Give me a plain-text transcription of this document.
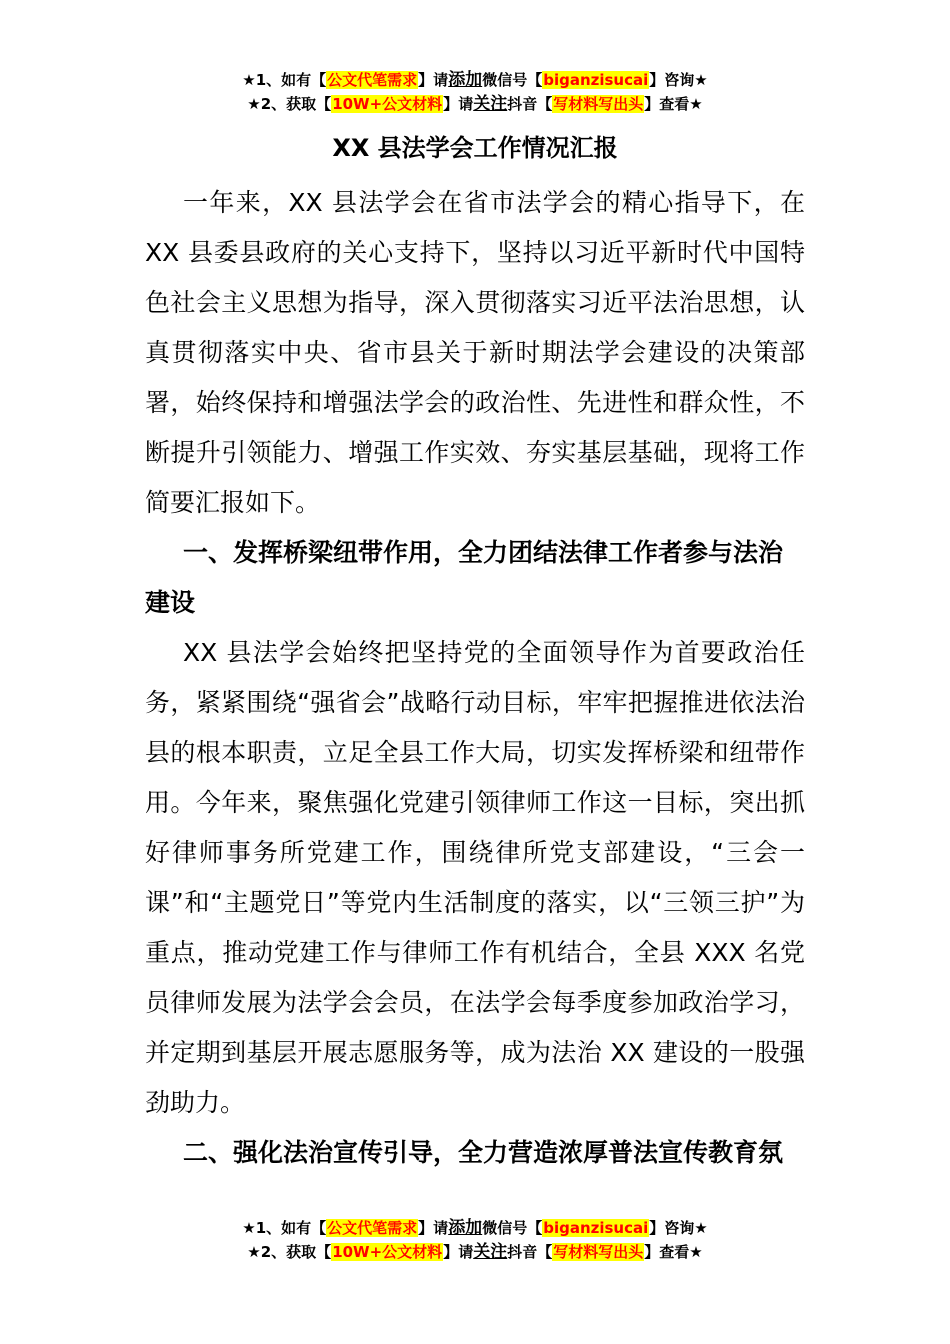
★1、如有【公文代笔需求】请添加微信号【biganzisucai】咨询★
★2、获取【10W+公文材料】请关注抖音【写材料写出头】查看★
XX 县法学会工作情况汇报

一年来，XX 县法学会在省市法学会的精心指导下，在 XX 县委县政府的关心支持下，坚持以习近平新时代中国特色社会主义思想为指导，深入贯彻落实习近平法治思想，认真贯彻落实中央、省市县关于新时期法学会建设的决策部署，始终保持和增强法学会的政治性、先进性和群众性，不断提升引领能力、增强工作实效、夯实基层基础，现将工作简要汇报如下。

一、发挥桥梁纽带作用，全力团结法律工作者参与法治建设

XX 县法学会始终把坚持党的全面领导作为首要政治任务，紧紧围绕“强省会”战略行动目标，牢牢把握推进依法治县的根本职责，立足全县工作大局，切实发挥桥梁和纽带作用。今年来，聚焦强化党建引领律师工作这一目标，突出抓好律师事务所党建工作，围绕律所党支部建设，“三会一课”和“主题党日”等党内生活制度的落实，以“三领三护”为重点，推动党建工作与律师工作有机结合，全县 XXX 名党员律师发展为法学会会员，在法学会每季度参加政治学习，并定期到基层开展志愿服务等，成为法治 XX 建设的一股强劲助力。

二、强化法治宣传引导，全力营造浓厚普法宣传教育氛

★1、如有【公文代笔需求】请添加微信号【biganzisucai】咨询★
★2、获取【10W+公文材料】请关注抖音【写材料写出头】查看★
